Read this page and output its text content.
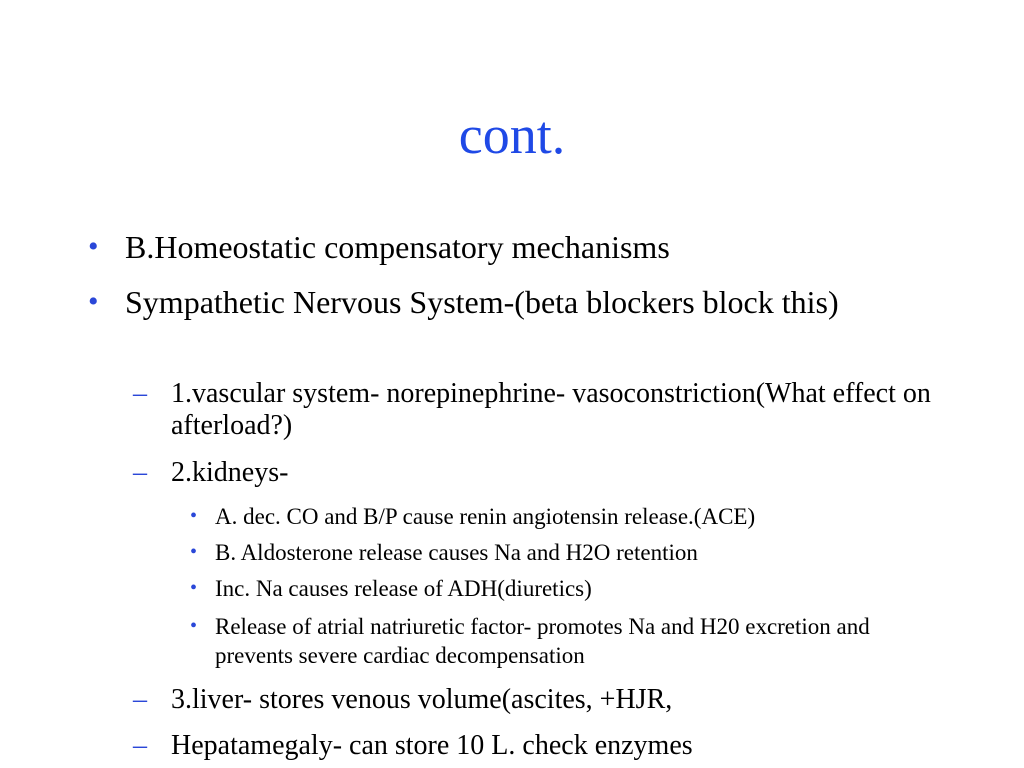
cont.
• B.Homeostatic compensatory mechanisms
• Sympathetic Nervous System-(beta blockers block this)
– 1.vascular system- norepinephrine- vasoconstriction(What effect on afterload?)
– 2.kidneys-
• A. dec. CO and B/P cause renin angiotensin release.(ACE)
• B. Aldosterone release causes Na and H2O retention
• Inc. Na causes release of ADH(diuretics)
• Release of atrial natriuretic factor- promotes Na and H20 excretion and prevents severe cardiac decompensation
– 3.liver- stores venous volume(ascites, +HJR,
– Hepatamegaly- can store 10 L. check enzymes
